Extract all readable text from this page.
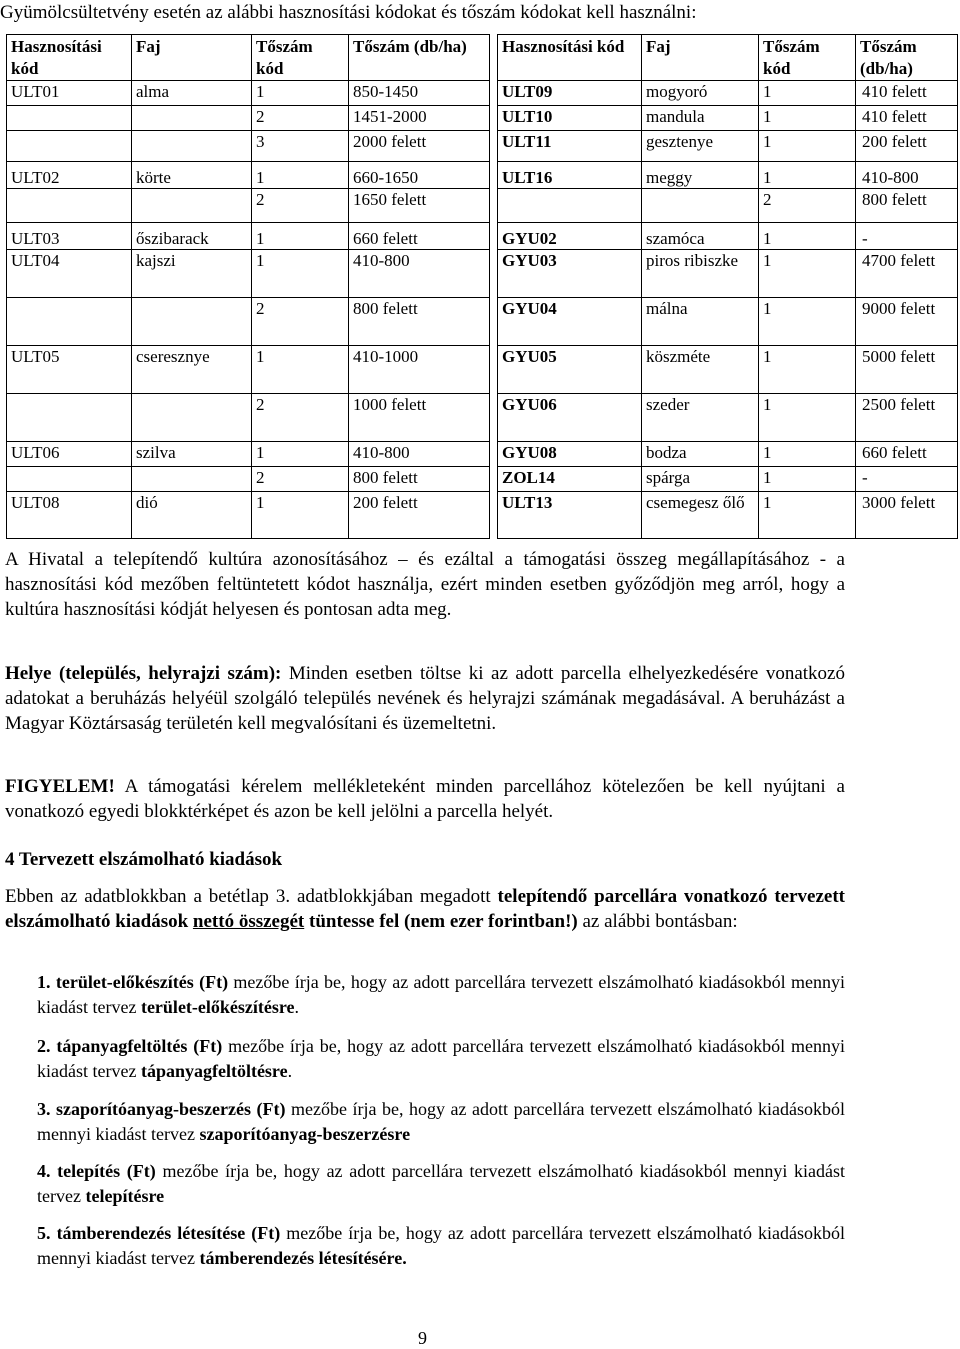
Gyümölcsültetvény esetén az alábbi hasznosítási kódokat és tőszám kódokat kell használni:
Hasznosítási kód	Faj	Tőszám kód	Tőszám (db/ha)
ULT01	alma	1	850-1450
		2	1451-2000
		3	2000 felett
ULT02	körte	1	660-1650
		2	1650 felett
ULT03	őszibarack	1	660 felett
ULT04	kajszi	1	410-800
		2	800 felett
ULT05	cseresznye	1	410-1000
		2	1000 felett
ULT06	szilva	1	410-800
		2	800 felett
ULT08	dió	1	200 felett
Hasznosítási kód	Faj	Tőszám kód	Tőszám (db/ha)
ULT09	mogyoró	1	410 felett
ULT10	mandula	1	410 felett
ULT11	gesztenye	1	200 felett
ULT16	meggy	1	410-800
		2	800 felett
GYU02	szamóca	1	-
GYU03	piros ribiszke	1	4700 felett
GYU04	málna	1	9000 felett
GYU05	köszméte	1	5000 felett
GYU06	szeder	1	2500 felett
GYU08	bodza	1	660 felett
ZOL14	spárga	1	-
ULT13	csemegesz őlő	1	3000 felett

A Hivatal a telepítendő kultúra azonosításához – és ezáltal a támogatási összeg megállapításához - a hasznosítási kód mezőben feltüntetett kódot használja, ezért minden esetben győződjön meg arról, hogy a kultúra hasznosítási kódját helyesen és pontosan adta meg.

Helye (település, helyrajzi szám): Minden esetben töltse ki az adott parcella elhelyezkedésére vonatkozó adatokat a beruházás helyéül szolgáló település nevének és helyrajzi számának megadásával. A beruházást a Magyar Köztársaság területén kell megvalósítani és üzemeltetni.

FIGYELEM! A támogatási kérelem mellékleteként minden parcellához kötelezően be kell nyújtani a vonatkozó egyedi blokktérképet és azon be kell jelölni a parcella helyét.

4 Tervezett elszámolható kiadások

Ebben az adatblokkban a betétlap 3. adatblokkjában megadott telepítendő parcellára vonatkozó tervezett elszámolható kiadások nettó összegét tüntesse fel (nem ezer forintban!) az alábbi bontásban:

1. terület-előkészítés (Ft) mezőbe írja be, hogy az adott parcellára tervezett elszámolható kiadásokból mennyi kiadást tervez terület-előkészítésre.

2. tápanyagfeltöltés (Ft) mezőbe írja be, hogy az adott parcellára tervezett elszámolható kiadásokból mennyi kiadást tervez tápanyagfeltöltésre.

3. szaporítóanyag-beszerzés (Ft) mezőbe írja be, hogy az adott parcellára tervezett elszámolható kiadásokból mennyi kiadást tervez szaporítóanyag-beszerzésre

4. telepítés (Ft) mezőbe írja be, hogy az adott parcellára tervezett elszámolható kiadásokból mennyi kiadást tervez telepítésre

5. támberendezés létesítése (Ft) mezőbe írja be, hogy az adott parcellára tervezett elszámolható kiadásokból mennyi kiadást tervez támberendezés létesítésére.

9
